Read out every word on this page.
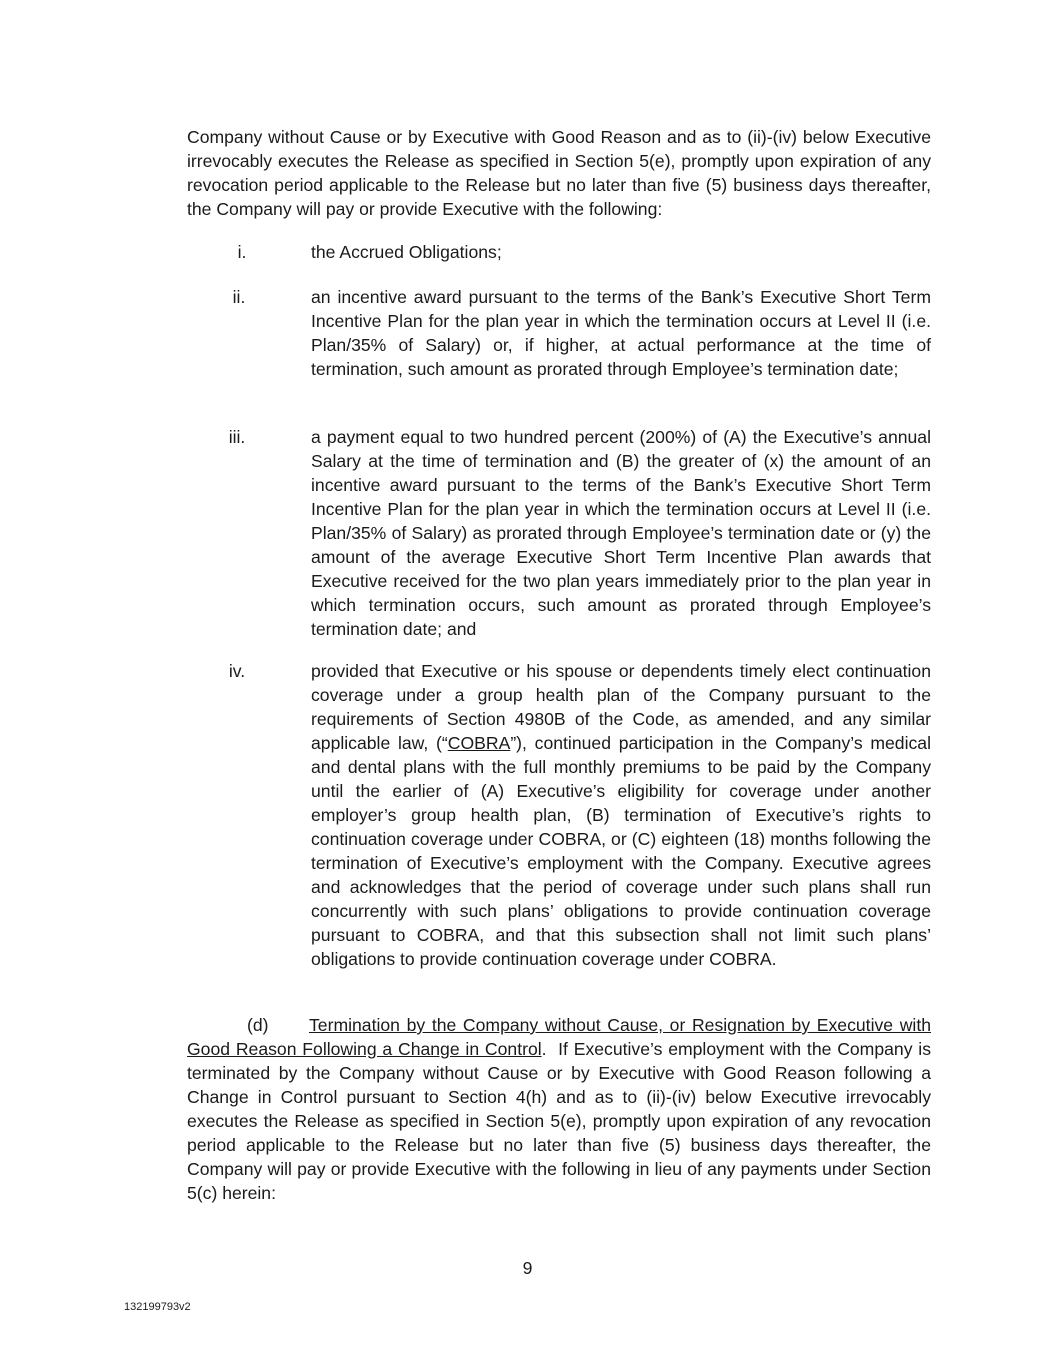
Company without Cause or by Executive with Good Reason and as to (ii)-(iv) below Executive irrevocably executes the Release as specified in Section 5(e), promptly upon expiration of any revocation period applicable to the Release but no later than five (5) business days thereafter, the Company will pay or provide Executive with the following:

i.	the Accrued Obligations;

ii.	an incentive award pursuant to the terms of the Bank’s Executive Short Term Incentive Plan for the plan year in which the termination occurs at Level II (i.e. Plan/35% of Salary) or, if higher, at actual performance at the time of termination, such amount as prorated through Employee’s termination date;

iii.	a payment equal to two hundred percent (200%) of (A) the Executive’s annual Salary at the time of termination and (B) the greater of (x) the amount of an incentive award pursuant to the terms of the Bank’s Executive Short Term Incentive Plan for the plan year in which the termination occurs at Level II (i.e. Plan/35% of Salary) as prorated through Employee’s termination date or (y) the amount of the average Executive Short Term Incentive Plan awards that Executive received for the two plan years immediately prior to the plan year in which termination occurs, such amount as prorated through Employee’s termination date; and

iv.	provided that Executive or his spouse or dependents timely elect continuation coverage under a group health plan of the Company pursuant to the requirements of Section 4980B of the Code, as amended, and any similar applicable law, (“COBRA”), continued participation in the Company’s medical and dental plans with the full monthly premiums to be paid by the Company until the earlier of (A) Executive’s eligibility for coverage under another employer’s group health plan, (B) termination of Executive’s rights to continuation coverage under COBRA, or (C) eighteen (18) months following the termination of Executive’s employment with the Company. Executive agrees and acknowledges that the period of coverage under such plans shall run concurrently with such plans’ obligations to provide continuation coverage pursuant to COBRA, and that this subsection shall not limit such plans’ obligations to provide continuation coverage under COBRA.

(d) Termination by the Company without Cause, or Resignation by Executive with Good Reason Following a Change in Control. If Executive’s employment with the Company is terminated by the Company without Cause or by Executive with Good Reason following a Change in Control pursuant to Section 4(h) and as to (ii)-(iv) below Executive irrevocably executes the Release as specified in Section 5(e), promptly upon expiration of any revocation period applicable to the Release but no later than five (5) business days thereafter, the Company will pay or provide Executive with the following in lieu of any payments under Section 5(c) herein:

9
132199793v2
